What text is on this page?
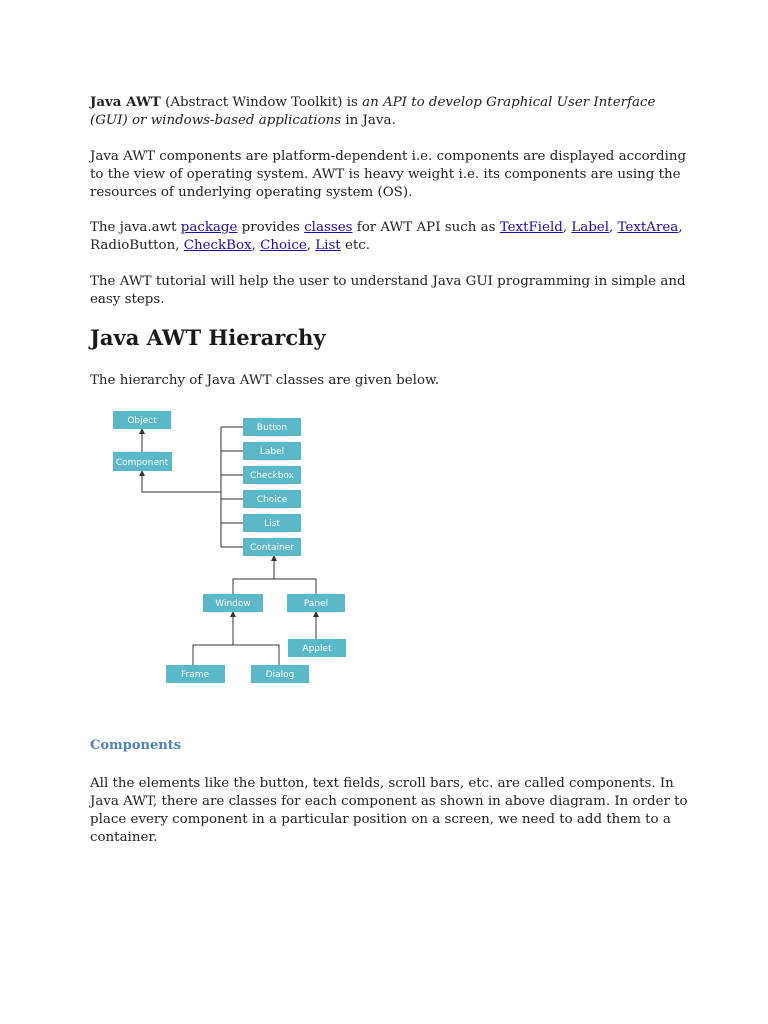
Java AWT (Abstract Window Toolkit) is an API to develop Graphical User Interface (GUI) or windows-based applications in Java.

Java AWT components are platform-dependent i.e. components are displayed according to the view of operating system. AWT is heavy weight i.e. its components are using the resources of underlying operating system (OS).

The java.awt package provides classes for AWT API such as TextField, Label, TextArea, RadioButton, CheckBox, Choice, List etc.

The AWT tutorial will help the user to understand Java GUI programming in simple and easy steps.

Java AWT Hierarchy

The hierarchy of Java AWT classes are given below.

Object
Component
Button
Label
Checkbox
Choice
List
Container
Window	Panel
Applet
Frame	Dialog
Components

All the elements like the button, text fields, scroll bars, etc. are called components. In Java AWT, there are classes for each component as shown in above diagram. In order to place every component in a particular position on a screen, we need to add them to a container.
